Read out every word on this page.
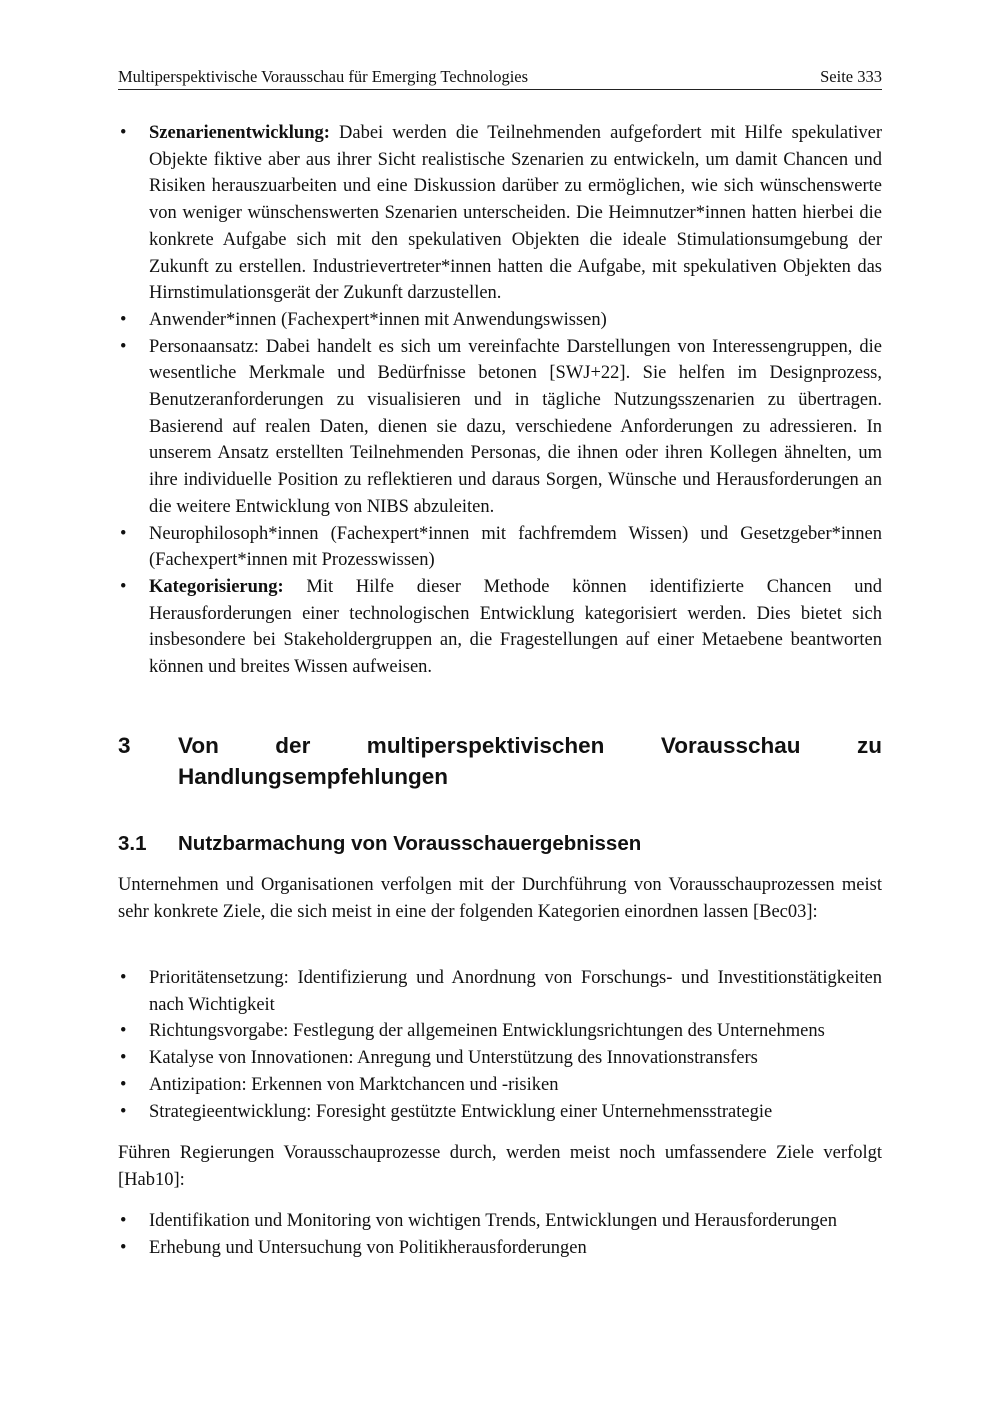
Multiperspektivische Vorausschau für Emerging Technologies	Seite 333
• Szenarienentwicklung: Dabei werden die Teilnehmenden aufgefordert mit Hilfe spekulativer Objekte fiktive aber aus ihrer Sicht realistische Szenarien zu entwickeln, um damit Chancen und Risiken herauszuarbeiten und eine Diskussion darüber zu ermöglichen, wie sich wünschenswerte von weniger wünschenswerten Szenarien unterscheiden. Die Heimnutzer*innen hatten hierbei die konkrete Aufgabe sich mit den spekulativen Objekten die ideale Stimulationsumgebung der Zukunft zu erstellen. Industrievertreter*innen hatten die Aufgabe, mit spekulativen Objekten das Hirnstimulationsgerät der Zukunft darzustellen.
• Anwender*innen (Fachexpert*innen mit Anwendungswissen)
• Personaansatz: Dabei handelt es sich um vereinfachte Darstellungen von Interessengruppen, die wesentliche Merkmale und Bedürfnisse betonen [SWJ+22]. Sie helfen im Designprozess, Benutzeranforderungen zu visualisieren und in tägliche Nutzungsszenarien zu übertragen. Basierend auf realen Daten, dienen sie dazu, verschiedene Anforderungen zu adressieren. In unserem Ansatz erstellten Teilnehmenden Personas, die ihnen oder ihren Kollegen ähnelten, um ihre individuelle Position zu reflektieren und daraus Sorgen, Wünsche und Herausforderungen an die weitere Entwicklung von NIBS abzuleiten.
• Neurophilosoph*innen (Fachexpert*innen mit fachfremdem Wissen) und Gesetzgeber*innen (Fachexpert*innen mit Prozesswissen)
• Kategorisierung: Mit Hilfe dieser Methode können identifizierte Chancen und Herausforderungen einer technologischen Entwicklung kategorisiert werden. Dies bietet sich insbesondere bei Stakeholdergruppen an, die Fragestellungen auf einer Metaebene beantworten können und breites Wissen aufweisen.
3 Von der multiperspektivischen Vorausschau zu Handlungsempfehlungen
3.1 Nutzbarmachung von Vorausschauergebnissen

Unternehmen und Organisationen verfolgen mit der Durchführung von Vorausschauprozessen meist sehr konkrete Ziele, die sich meist in eine der folgenden Kategorien einordnen lassen [Bec03]:

• Prioritätensetzung: Identifizierung und Anordnung von Forschungs- und Investitionstätigkeiten nach Wichtigkeit
• Richtungsvorgabe: Festlegung der allgemeinen Entwicklungsrichtungen des Unternehmens
• Katalyse von Innovationen: Anregung und Unterstützung des Innovationstransfers
• Antizipation: Erkennen von Marktchancen und -risiken
• Strategieentwicklung: Foresight gestützte Entwicklung einer Unternehmensstrategie

Führen Regierungen Vorausschauprozesse durch, werden meist noch umfassendere Ziele verfolgt [Hab10]:

• Identifikation und Monitoring von wichtigen Trends, Entwicklungen und Herausforderungen
• Erhebung und Untersuchung von Politikherausforderungen
